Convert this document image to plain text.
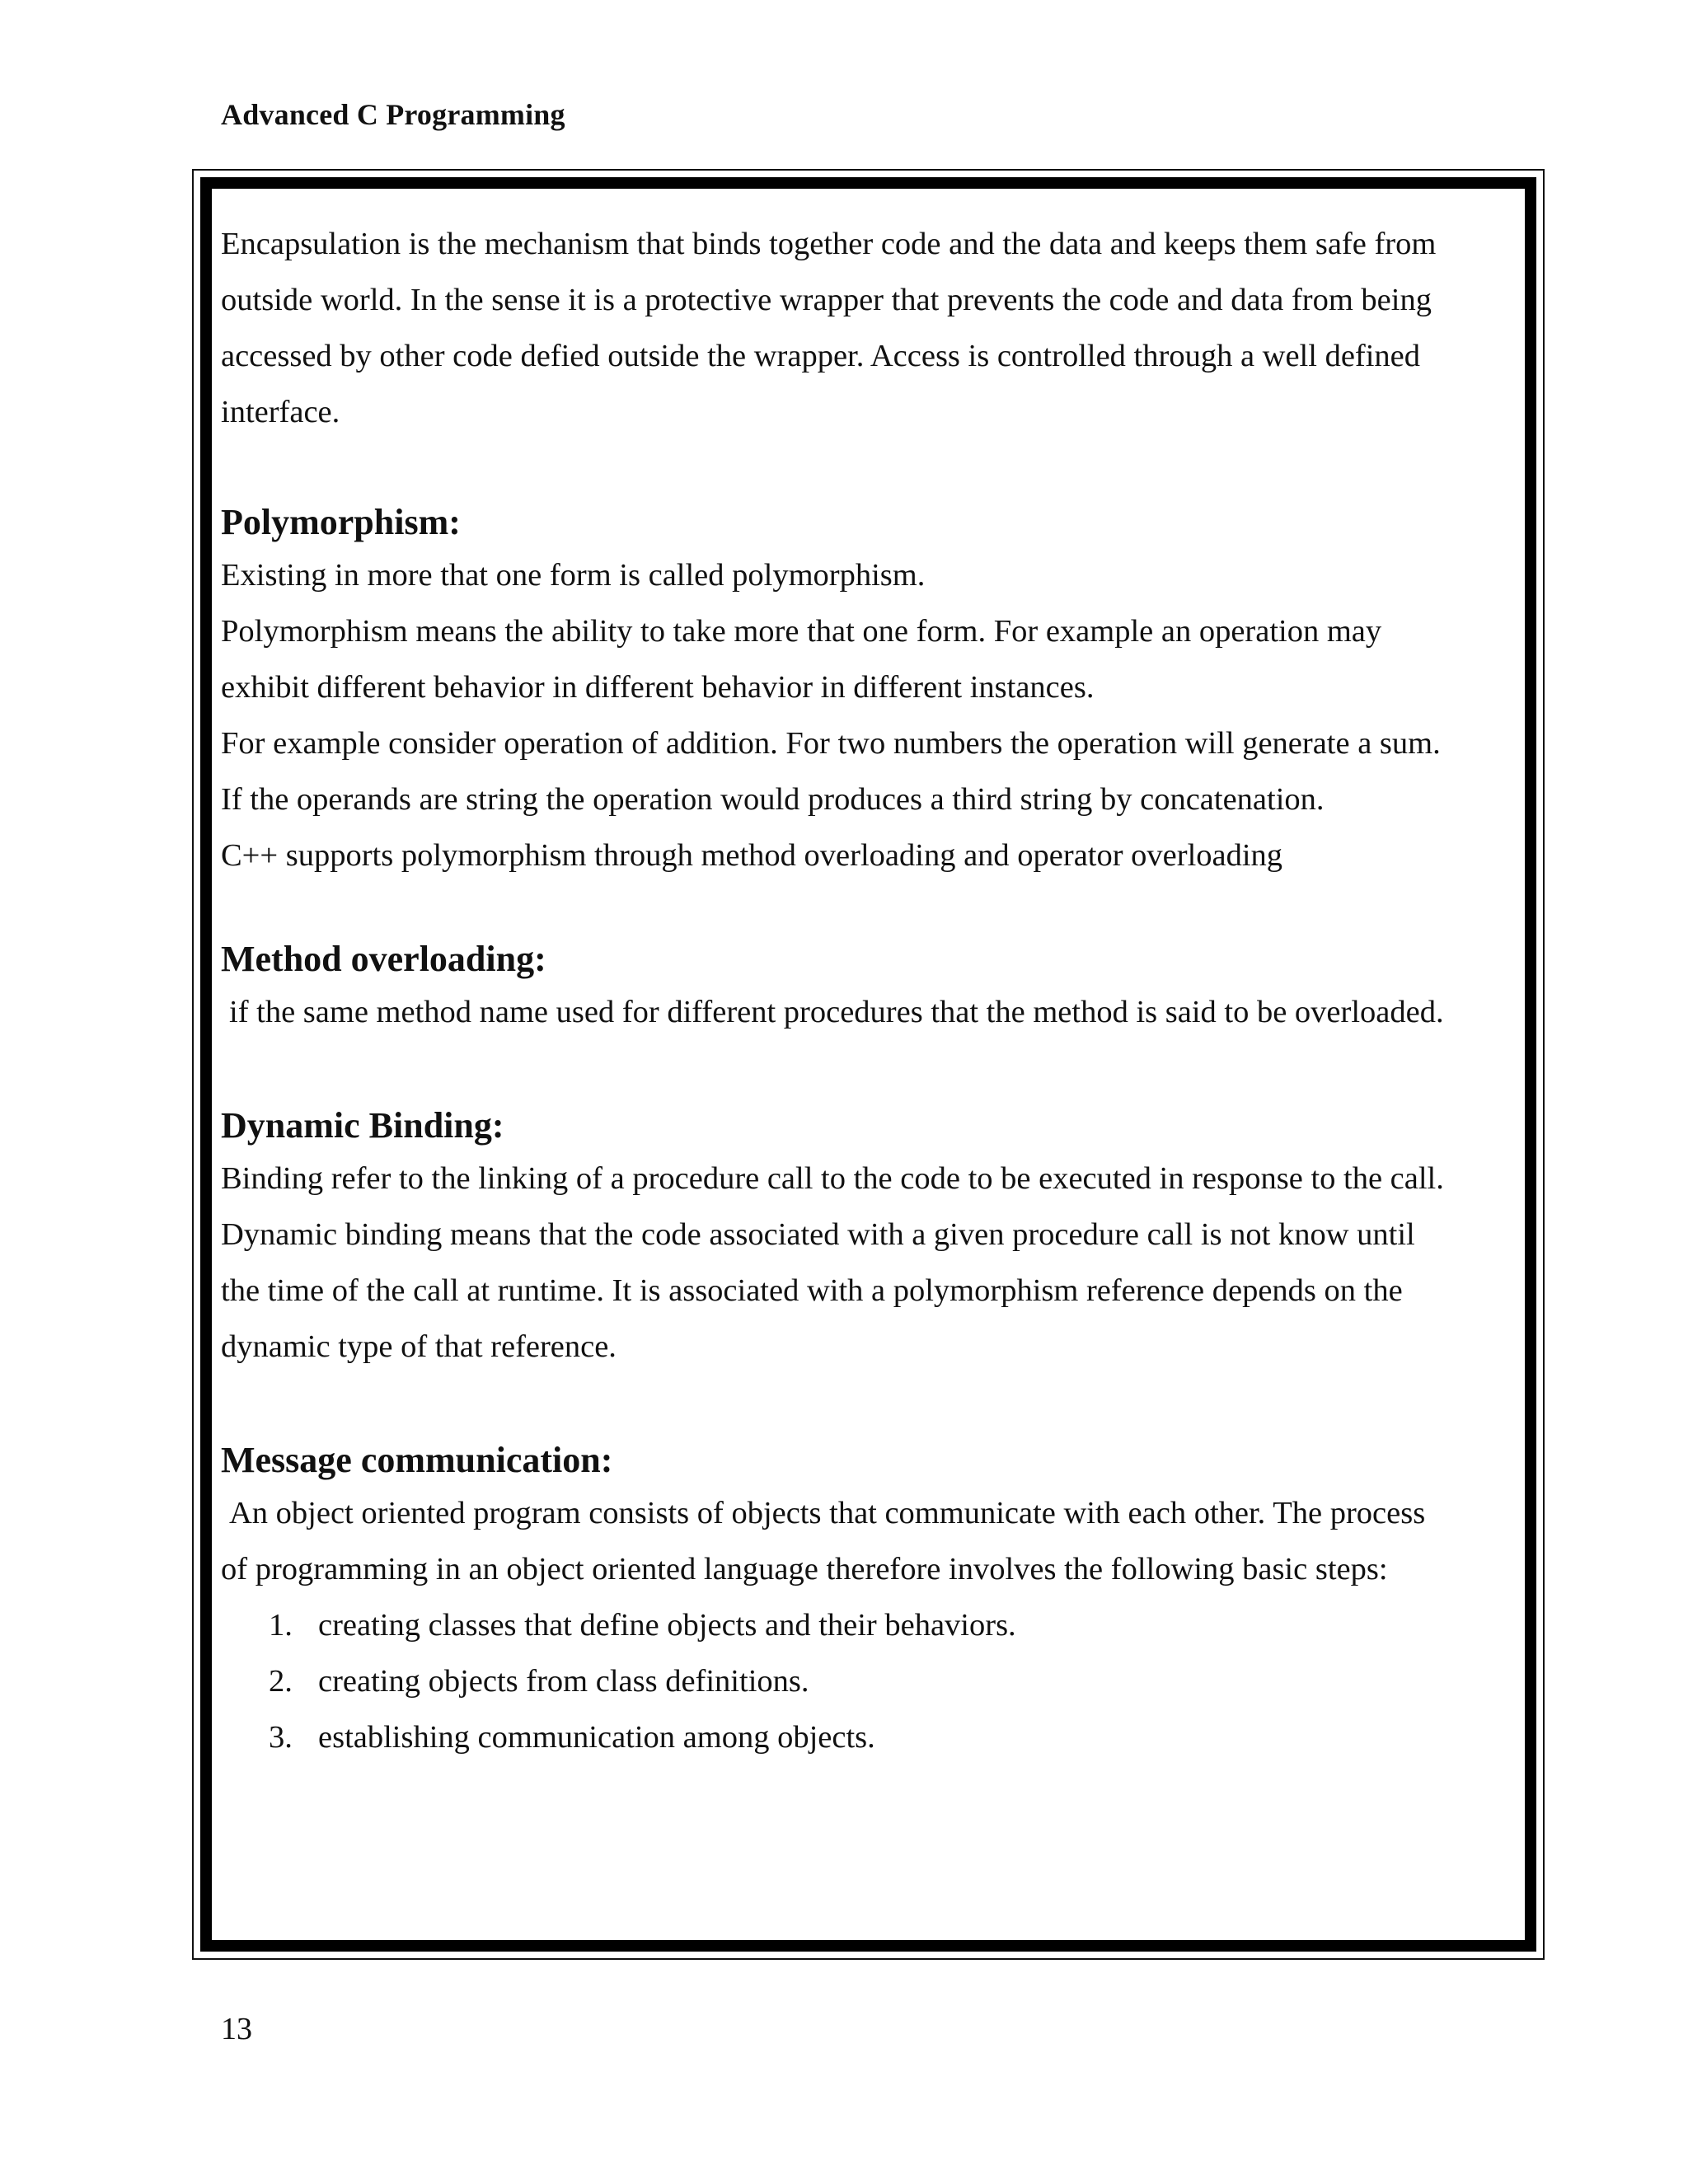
Advanced C Programming

Encapsulation is the mechanism that binds together code and the data and keeps them safe from

outside world. In the sense it is a protective wrapper that prevents the code and data from being

accessed by other code defied outside the wrapper. Access is controlled through a well defined

interface.

Polymorphism:

Existing in more that one form is called polymorphism.

Polymorphism means the ability to take more that one form. For example an operation may

exhibit different behavior in different behavior in different instances.

For example consider operation of addition. For two numbers the operation will generate a sum.

If the operands are string the operation would produces a third string by concatenation.

C++ supports polymorphism through method overloading and operator overloading

Method overloading:

if the same method name used for different procedures that the method is said to be overloaded.

Dynamic Binding:

Binding refer to the linking of a procedure call to the code to be executed in response to the call.

Dynamic binding means that the code associated with a given procedure call is not know until

the time of the call at runtime. It is associated with a polymorphism reference depends on the

dynamic type of that reference.

Message communication:

An object oriented program consists of objects that communicate with each other. The process

of programming in an object oriented language therefore involves the following basic steps:

1. creating classes that define objects and their behaviors.
2. creating objects from class definitions.
3. establishing communication among objects.
13
